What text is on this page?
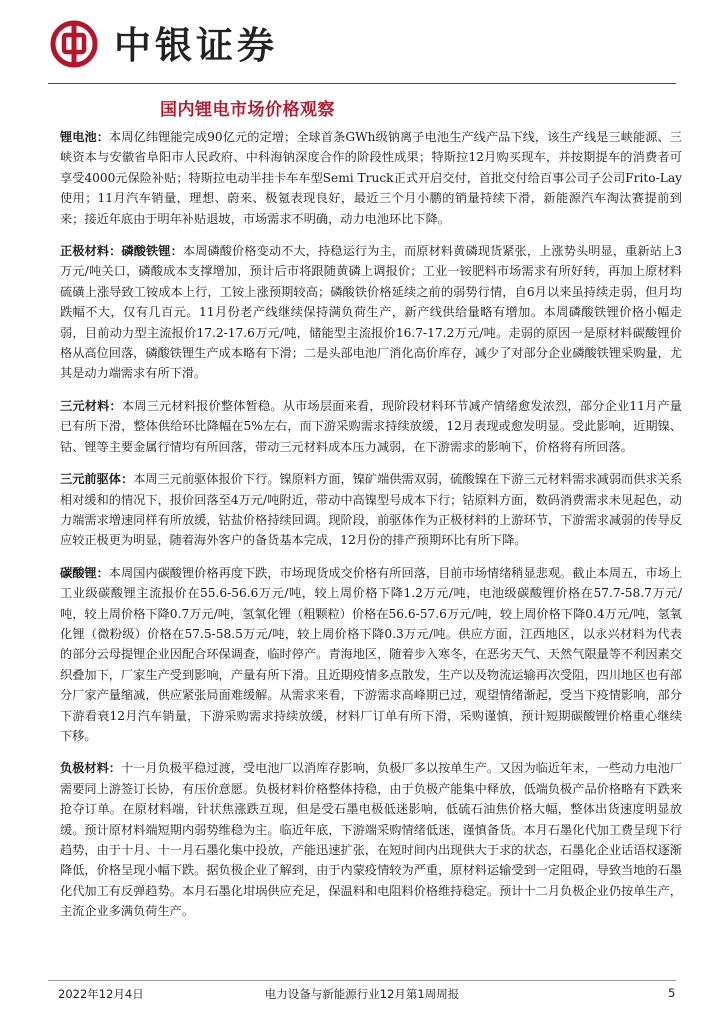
中银证券
国内锂电市场价格观察

锂电池：本周亿纬锂能完成90亿元的定增；全球首条GWh级钠离子电池生产线产品下线，该生产线是三峡能源、三峡资本与安徽省阜阳市人民政府、中科海钠深度合作的阶段性成果；特斯拉12月购买现车，并按期提车的消费者可享受4000元保险补贴；特斯拉电动半挂卡车车型Semi Truck正式开启交付，首批交付给百事公司子公司Frito-Lay使用；11月汽车销量，理想、蔚来、极氪表现良好，最近三个月小鹏的销量持续下滑，新能源汽车淘汰赛提前到来；接近年底由于明年补贴退坡，市场需求不明确，动力电池环比下降。

正极材料：磷酸铁锂：本周磷酸价格变动不大，持稳运行为主，而原材料黄磷现货紧张，上涨势头明显，重新站上3万元/吨关口，磷酸成本支撑增加，预计后市将跟随黄磷上调报价；工业一铵肥料市场需求有所好转，再加上原材料硫磺上涨导致工铵成本上行，工铵上涨预期较高；磷酸铁价格延续之前的弱势行情，自6月以来虽持续走弱，但月均跌幅不大，仅有几百元。11月份老产线继续保持满负荷生产，新产线供给量略有增加。本周磷酸铁锂价格小幅走弱，目前动力型主流报价17.2-17.6万元/吨，储能型主流报价16.7-17.2万元/吨。走弱的原因一是原材料碳酸锂价格从高位回落，磷酸铁锂生产成本略有下滑；二是头部电池厂消化高价库存，减少了对部分企业磷酸铁锂采购量，尤其是动力端需求有所下滑。

三元材料：本周三元材料报价整体暂稳。从市场层面来看，现阶段材料环节减产情绪愈发浓烈，部分企业11月产量已有所下滑，整体供给环比降幅在5%左右，而下游采购需求持续放缓，12月表现或愈发明显。受此影响，近期镍、钴、锂等主要金属行情均有所回落，带动三元材料成本压力减弱，在下游需求的影响下，价格将有所回落。

三元前驱体：本周三元前驱体报价下行。镍原料方面，镍矿端供需双弱，硫酸镍在下游三元材料需求减弱而供求关系相对缓和的情况下，报价回落至4万元/吨附近，带动中高镍型号成本下行；钴原料方面，数码消费需求未见起色，动力端需求增速同样有所放缓，钴盐价格持续回调。现阶段，前驱体作为正极材料的上游环节，下游需求减弱的传导反应较正极更为明显，随着海外客户的备货基本完成，12月份的排产预期环比有所下降。

碳酸锂：本周国内碳酸锂价格再度下跌，市场现货成交价格有所回落，目前市场情绪稍显悲观。截止本周五，市场上工业级碳酸锂主流报价在55.6-56.6万元/吨，较上周价格下降1.2万元/吨，电池级碳酸锂价格在57.7-58.7万元/吨，较上周价格下降0.7万元/吨，氢氧化锂（粗颗粒）价格在56.6-57.6万元/吨，较上周价格下降0.4万元/吨，氢氧化锂（微粉级）价格在57.5-58.5万元/吨，较上周价格下降0.3万元/吨。供应方面，江西地区，以永兴材料为代表的部分云母提锂企业因配合环保调查，临时停产。青海地区，随着步入寒冬，在恶劣天气、天然气限量等不利因素交织叠加下，厂家生产受到影响，产量有所下滑。且近期疫情多点散发，生产以及物流运输再次受阻，四川地区也有部分厂家产量缩减，供应紧张局面难缓解。从需求来看，下游需求高峰期已过，观望情绪渐起，受当下疫情影响，部分下游看衰12月汽车销量，下游采购需求持续放缓，材料厂订单有所下滑，采购谨慎，预计短期碳酸锂价格重心继续下移。

负极材料：十一月负极平稳过渡，受电池厂以消库存影响，负极厂多以按单生产。又因为临近年末，一些动力电池厂需要同上游签订长协，有压价意愿。负极材料价格整体持稳，由于负极产能集中释放，低端负极产品价格略有下跌来抢夺订单。在原材料端，针状焦涨跌互现，但是受石墨电极低迷影响，低硫石油焦价格大幅，整体出货速度明显放缓。预计原材料端短期内弱势维稳为主。临近年底，下游端采购情绪低迷，谨慎备货。本月石墨化代加工费呈现下行趋势，由于十月、十一月石墨化集中投放，产能迅速扩张，在短时间内出现供大于求的状态，石墨化企业话语权逐渐降低，价格呈现小幅下跌。据负极企业了解到，由于内蒙疫情较为严重，原材料运输受到一定阻碍，导致当地的石墨化代加工有反弹趋势。本月石墨化坩埚供应充足，保温料和电阻料价格维持稳定。预计十二月负极企业仍按单生产，主流企业多满负荷生产。

2022年12月4日	电力设备与新能源行业12月第1周周报	5
